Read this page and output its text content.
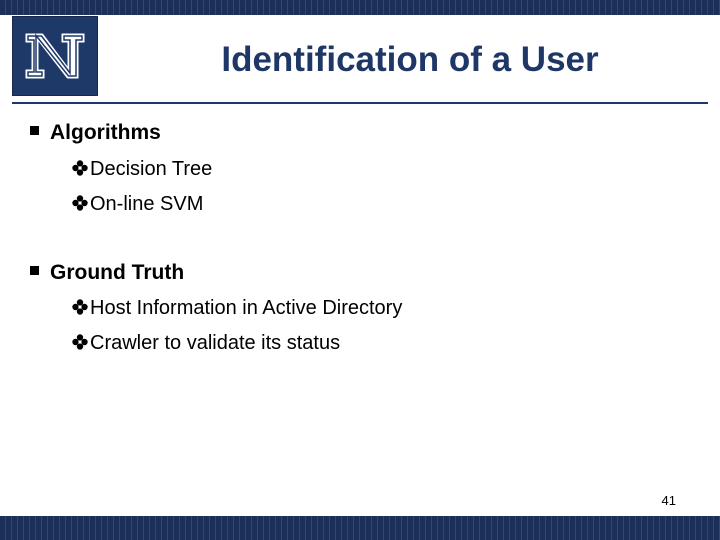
Identification of a User
Algorithms
Decision Tree
On-line SVM
Ground Truth
Host Information in Active Directory
Crawler to validate its status
41
